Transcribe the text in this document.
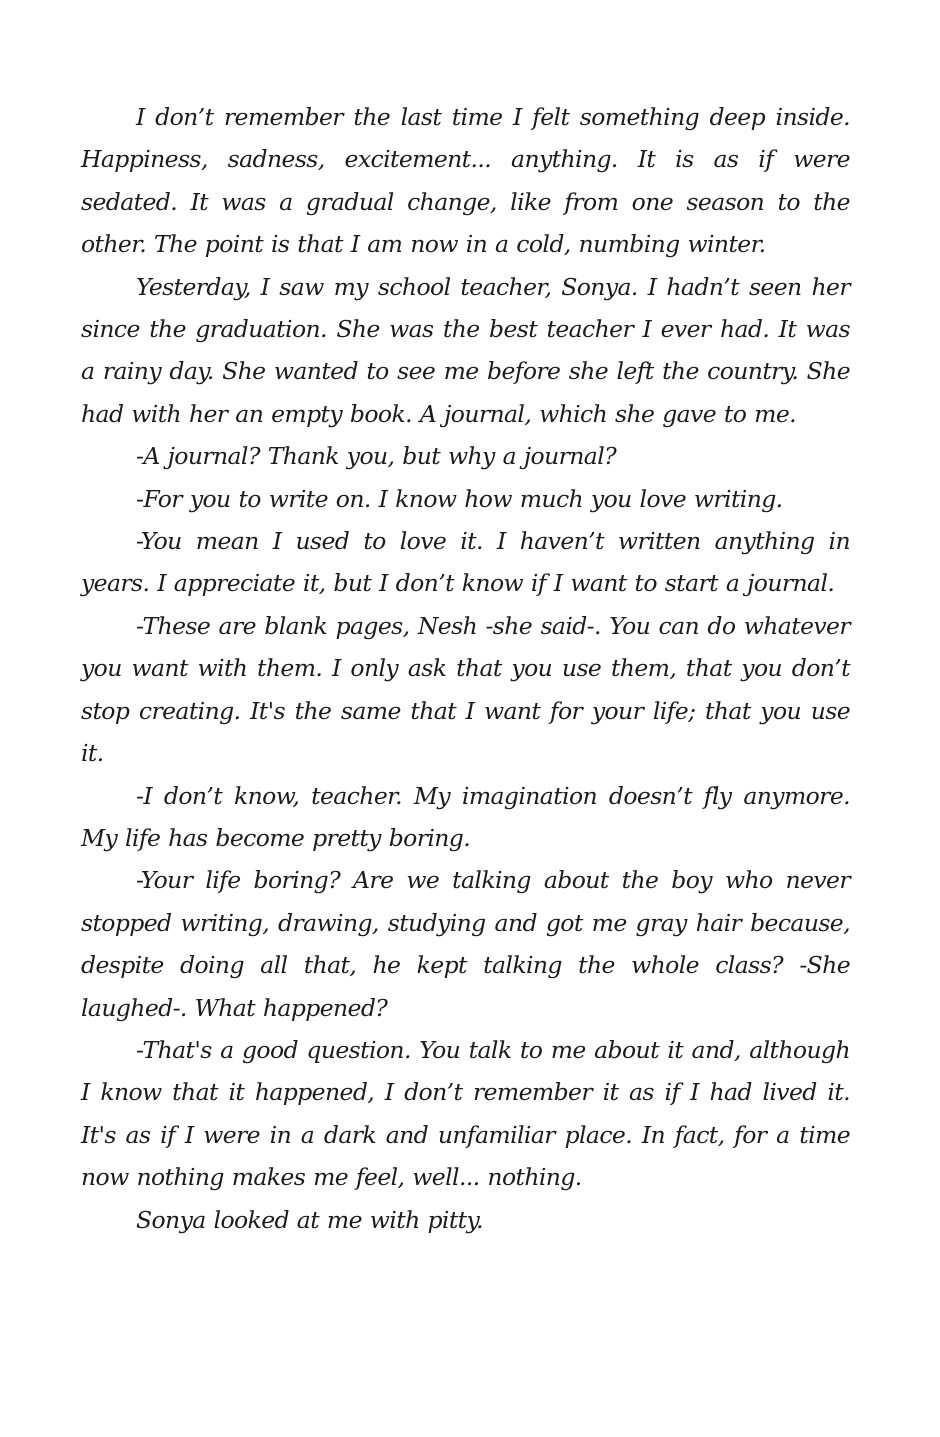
I don’t remember the last time I felt something deep inside. Happiness, sadness, excitement... anything. It is as if were sedated. It was a gradual change, like from one season to the other. The point is that I am now in a cold, numbing winter.

Yesterday, I saw my school teacher, Sonya. I hadn’t seen her since the graduation. She was the best teacher I ever had. It was a rainy day. She wanted to see me before she left the country. She had with her an empty book. A journal, which she gave to me.

-A journal? Thank you, but why a journal?

-For you to write on. I know how much you love writing.

-You mean I used to love it. I haven’t written anything in years. I appreciate it, but I don’t know if I want to start a journal.

-These are blank pages, Nesh -she said-. You can do whatever you want with them. I only ask that you use them, that you don’t stop creating. It's the same that I want for your life; that you use it.

-I don’t know, teacher. My imagination doesn’t fly anymore. My life has become pretty boring.

-Your life boring? Are we talking about the boy who never stopped writing, drawing, studying and got me gray hair because, despite doing all that, he kept talking the whole class? -She laughed-. What happened?

-That's a good question. You talk to me about it and, although I know that it happened, I don’t remember it as if I had lived it. It's as if I were in a dark and unfamiliar place. In fact, for a time now nothing makes me feel, well... nothing.

Sonya looked at me with pitty.
